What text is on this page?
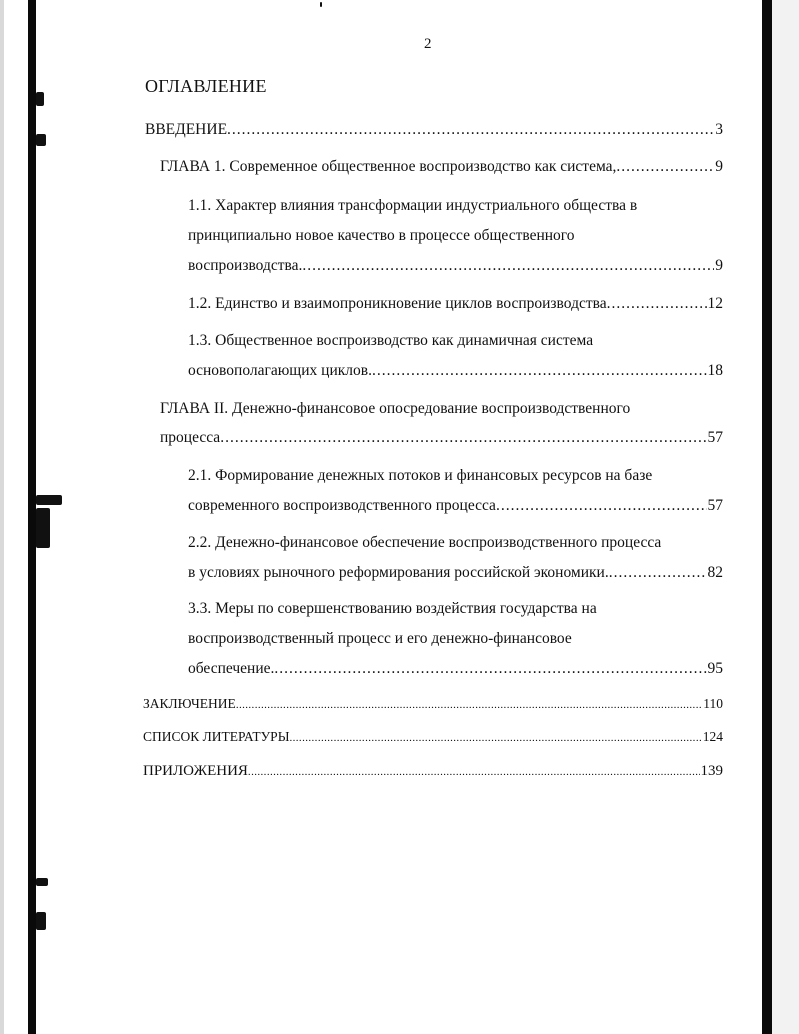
2
ОГЛАВЛЕНИЕ
ВВЕДЕНИЕ .....	3
ГЛАВА 1. Современное общественное воспроизводство как система, .....	9
1.1. Характер влияния трансформации индустриального общества в
принципиально новое качество в процессе общественного
воспроизводства. .....	9
1.2. Единство и взаимопроникновение циклов воспроизводства .....	12
1.3. Общественное воспроизводство как динамичная система
основополагающих циклов. .....	18
ГЛАВА II. Денежно-финансовое опосредование воспроизводственного
процесса .....	57
2.1. Формирование денежных потоков и финансовых ресурсов на базе
современного воспроизводственного процесса .....	57
2.2. Денежно-финансовое обеспечение воспроизводственного процесса
в условиях рыночного реформирования российской экономики. .....	82
3.3. Меры по совершенствованию воздействия государства на
воспроизводственный процесс и его денежно-финансовое
обеспечение. .....	95
ЗАКЛЮЧЕНИЕ .....	110
СПИСОК ЛИТЕРАТУРЫ .....	124
ПРИЛОЖЕНИЯ .....	139
